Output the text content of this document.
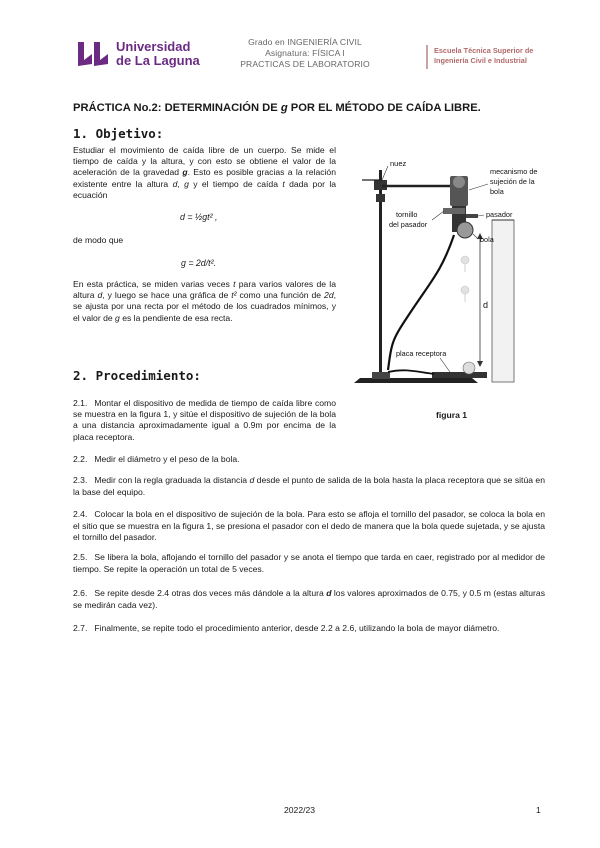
Universidad
de La Laguna
Grado en INGENIERÍA CIVIL
Asignatura: FÍSICA I
PRACTICAS DE LABORATORIO
Escuela Técnica Superior de
Ingeniería Civil e Industrial
PRÁCTICA No.2: DETERMINACIÓN DE g POR EL MÉTODO DE CAÍDA LIBRE.
1. Objetivo:
Estudiar el movimiento de caída libre de un cuerpo. Se mide el tiempo de caída y la altura, y con esto se obtiene el valor de la aceleración de la gravedad g. Esto es posible gracias a la relación existente entre la altura d, g y el tiempo de caída t dada por la ecuación
d = ½gt² ,
de modo que
g = 2d/t².
En esta práctica, se miden varias veces t para varios valores de la altura d, y luego se hace una gráfica de t² como una función de 2d, se ajusta por una recta por el método de los cuadrados mínimos, y el valor de g es la pendiente de esa recta.
2. Procedimiento:
2.1. Montar el dispositivo de medida de tiempo de caída libre como se muestra en la figura 1, y sitúe el dispositivo de sujeción de la bola a una distancia aproximadamente igual a 0.9m por encima de la placa receptora.
d
nuez
mecanismo de
sujeción de la
bola
tornillo
del pasador
pasador
bola
placa receptora
figura 1
2.2. Medir el diámetro y el peso de la bola.
2.3. Medir con la regla graduada la distancia d desde el punto de salida de la bola hasta la placa receptora que se sitúa en la base del equipo.
2.4. Colocar la bola en el dispositivo de sujeción de la bola. Para esto se afloja el tornillo del pasador, se coloca la bola en el sitio que se muestra en la figura 1, se presiona el pasador con el dedo de manera que la bola quede sujetada, y se ajusta el tornillo del pasador.
2.5. Se libera la bola, aflojando el tornillo del pasador y se anota el tiempo que tarda en caer, registrado por al medidor de tiempo. Se repite la operación un total de 5 veces.
2.6. Se repite desde 2.4 otras dos veces más dándole a la altura d los valores aproximados de 0.75, y 0.5 m (estas alturas se medirán cada vez).
2.7. Finalmente, se repite todo el procedimiento anterior, desde 2.2 a 2.6, utilizando la bola de mayor diámetro.
2022/23	1
